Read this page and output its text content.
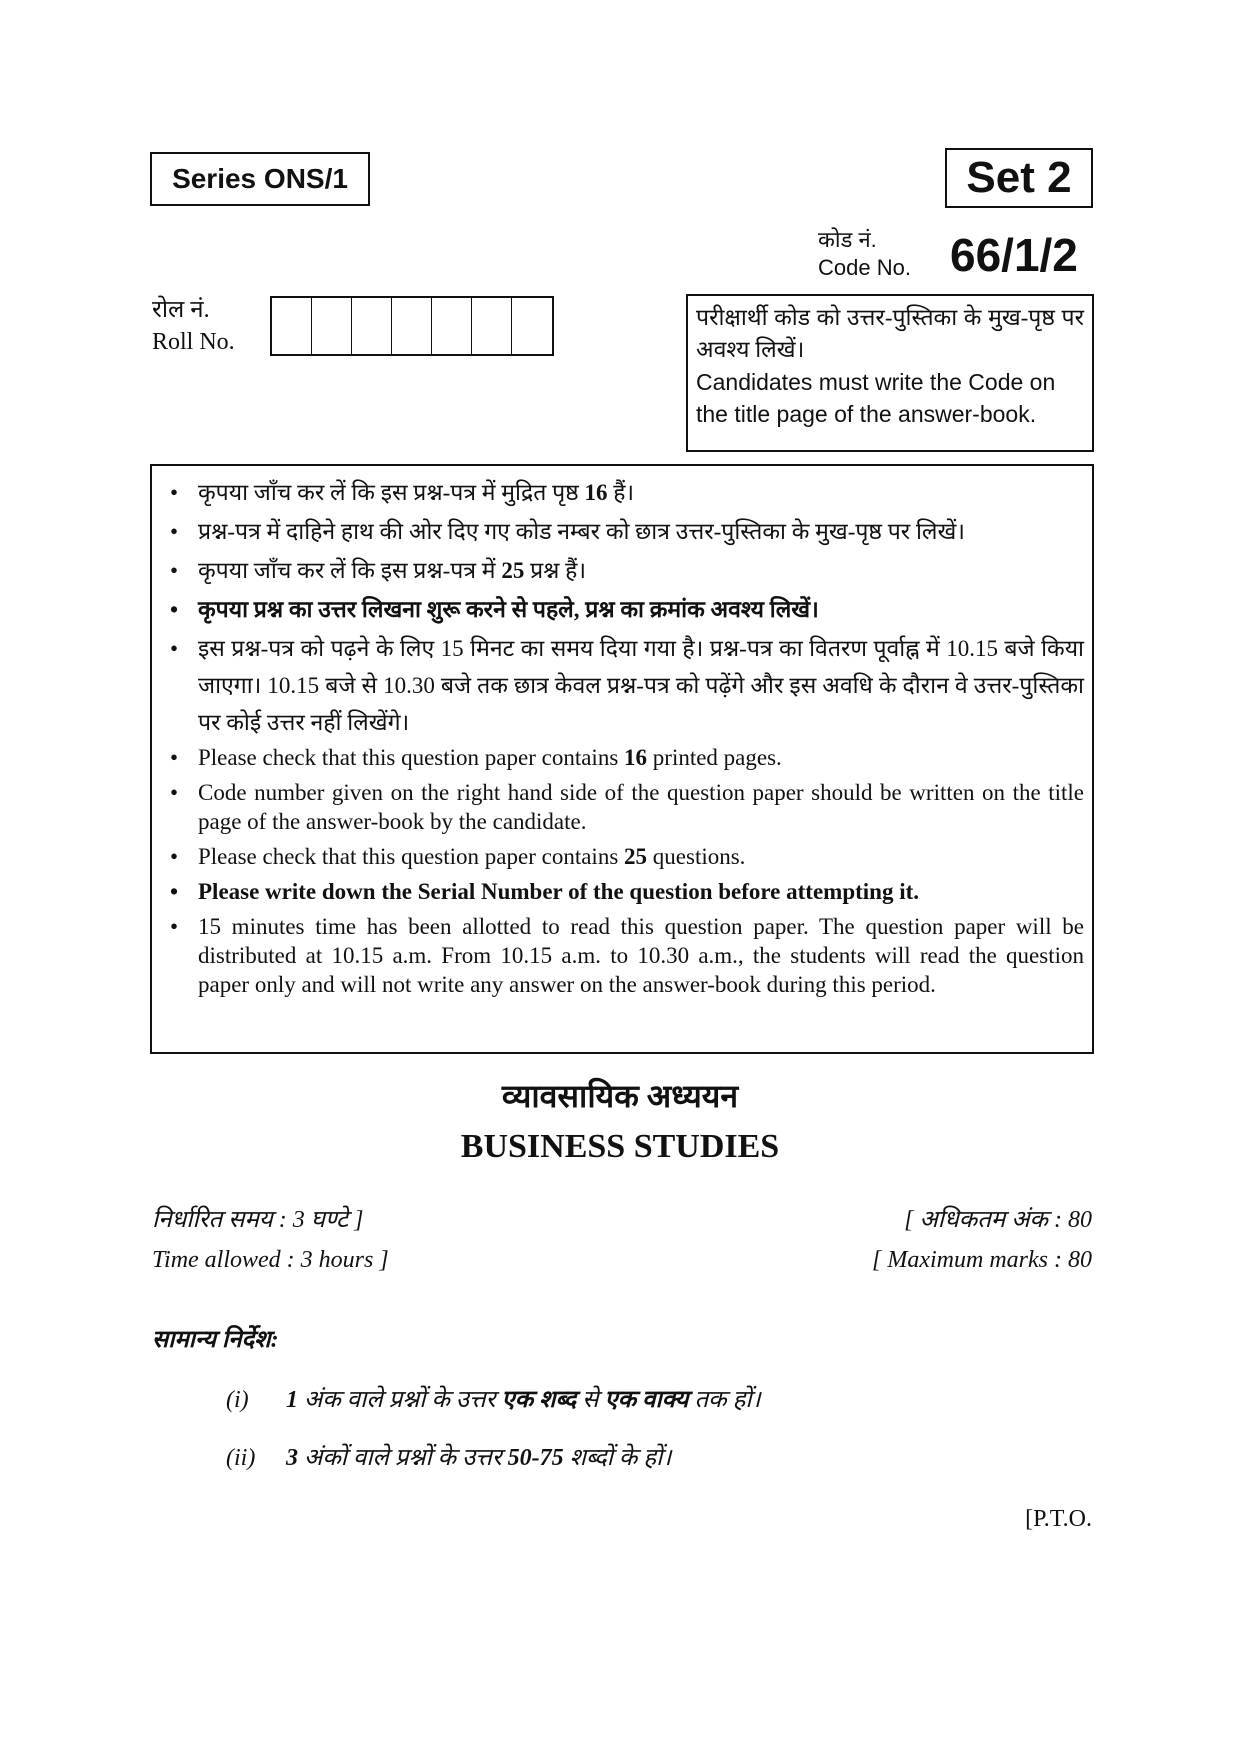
Series ONS/1	Set 2
कोड नं.
Code No. 66/1/2
रोल नं.
Roll No.
परीक्षार्थी कोड को उत्तर-पुस्तिका के मुख-पृष्ठ पर अवश्य लिखें।
Candidates must write the Code on the title page of the answer-book.
• कृपया जाँच कर लें कि इस प्रश्न-पत्र में मुद्रित पृष्ठ 16 हैं।
• प्रश्न-पत्र में दाहिने हाथ की ओर दिए गए कोड नम्बर को छात्र उत्तर-पुस्तिका के मुख-पृष्ठ पर लिखें।
• कृपया जाँच कर लें कि इस प्रश्न-पत्र में 25 प्रश्न हैं।
• कृपया प्रश्न का उत्तर लिखना शुरू करने से पहले, प्रश्न का क्रमांक अवश्य लिखें।
• इस प्रश्न-पत्र को पढ़ने के लिए 15 मिनट का समय दिया गया है। प्रश्न-पत्र का वितरण पूर्वाह्न में 10.15 बजे किया जाएगा। 10.15 बजे से 10.30 बजे तक छात्र केवल प्रश्न-पत्र को पढ़ेंगे और इस अवधि के दौरान वे उत्तर-पुस्तिका पर कोई उत्तर नहीं लिखेंगे।
• Please check that this question paper contains 16 printed pages.
• Code number given on the right hand side of the question paper should be written on the title page of the answer-book by the candidate.
• Please check that this question paper contains 25 questions.
• Please write down the Serial Number of the question before attempting it.
• 15 minutes time has been allotted to read this question paper. The question paper will be distributed at 10.15 a.m. From 10.15 a.m. to 10.30 a.m., the students will read the question paper only and will not write any answer on the answer-book during this period.
व्यावसायिक अध्ययन
BUSINESS STUDIES
निर्धारित समय : 3 घण्टे ]
Time allowed : 3 hours ]
[ अधिकतम अंक : 80
[ Maximum marks : 80
सामान्य निर्देश:
(i) 1 अंक वाले प्रश्नों के उत्तर एक शब्द से एक वाक्य तक हों।
(ii) 3 अंकों वाले प्रश्नों के उत्तर 50-75 शब्दों के हों।
[P.T.O.
